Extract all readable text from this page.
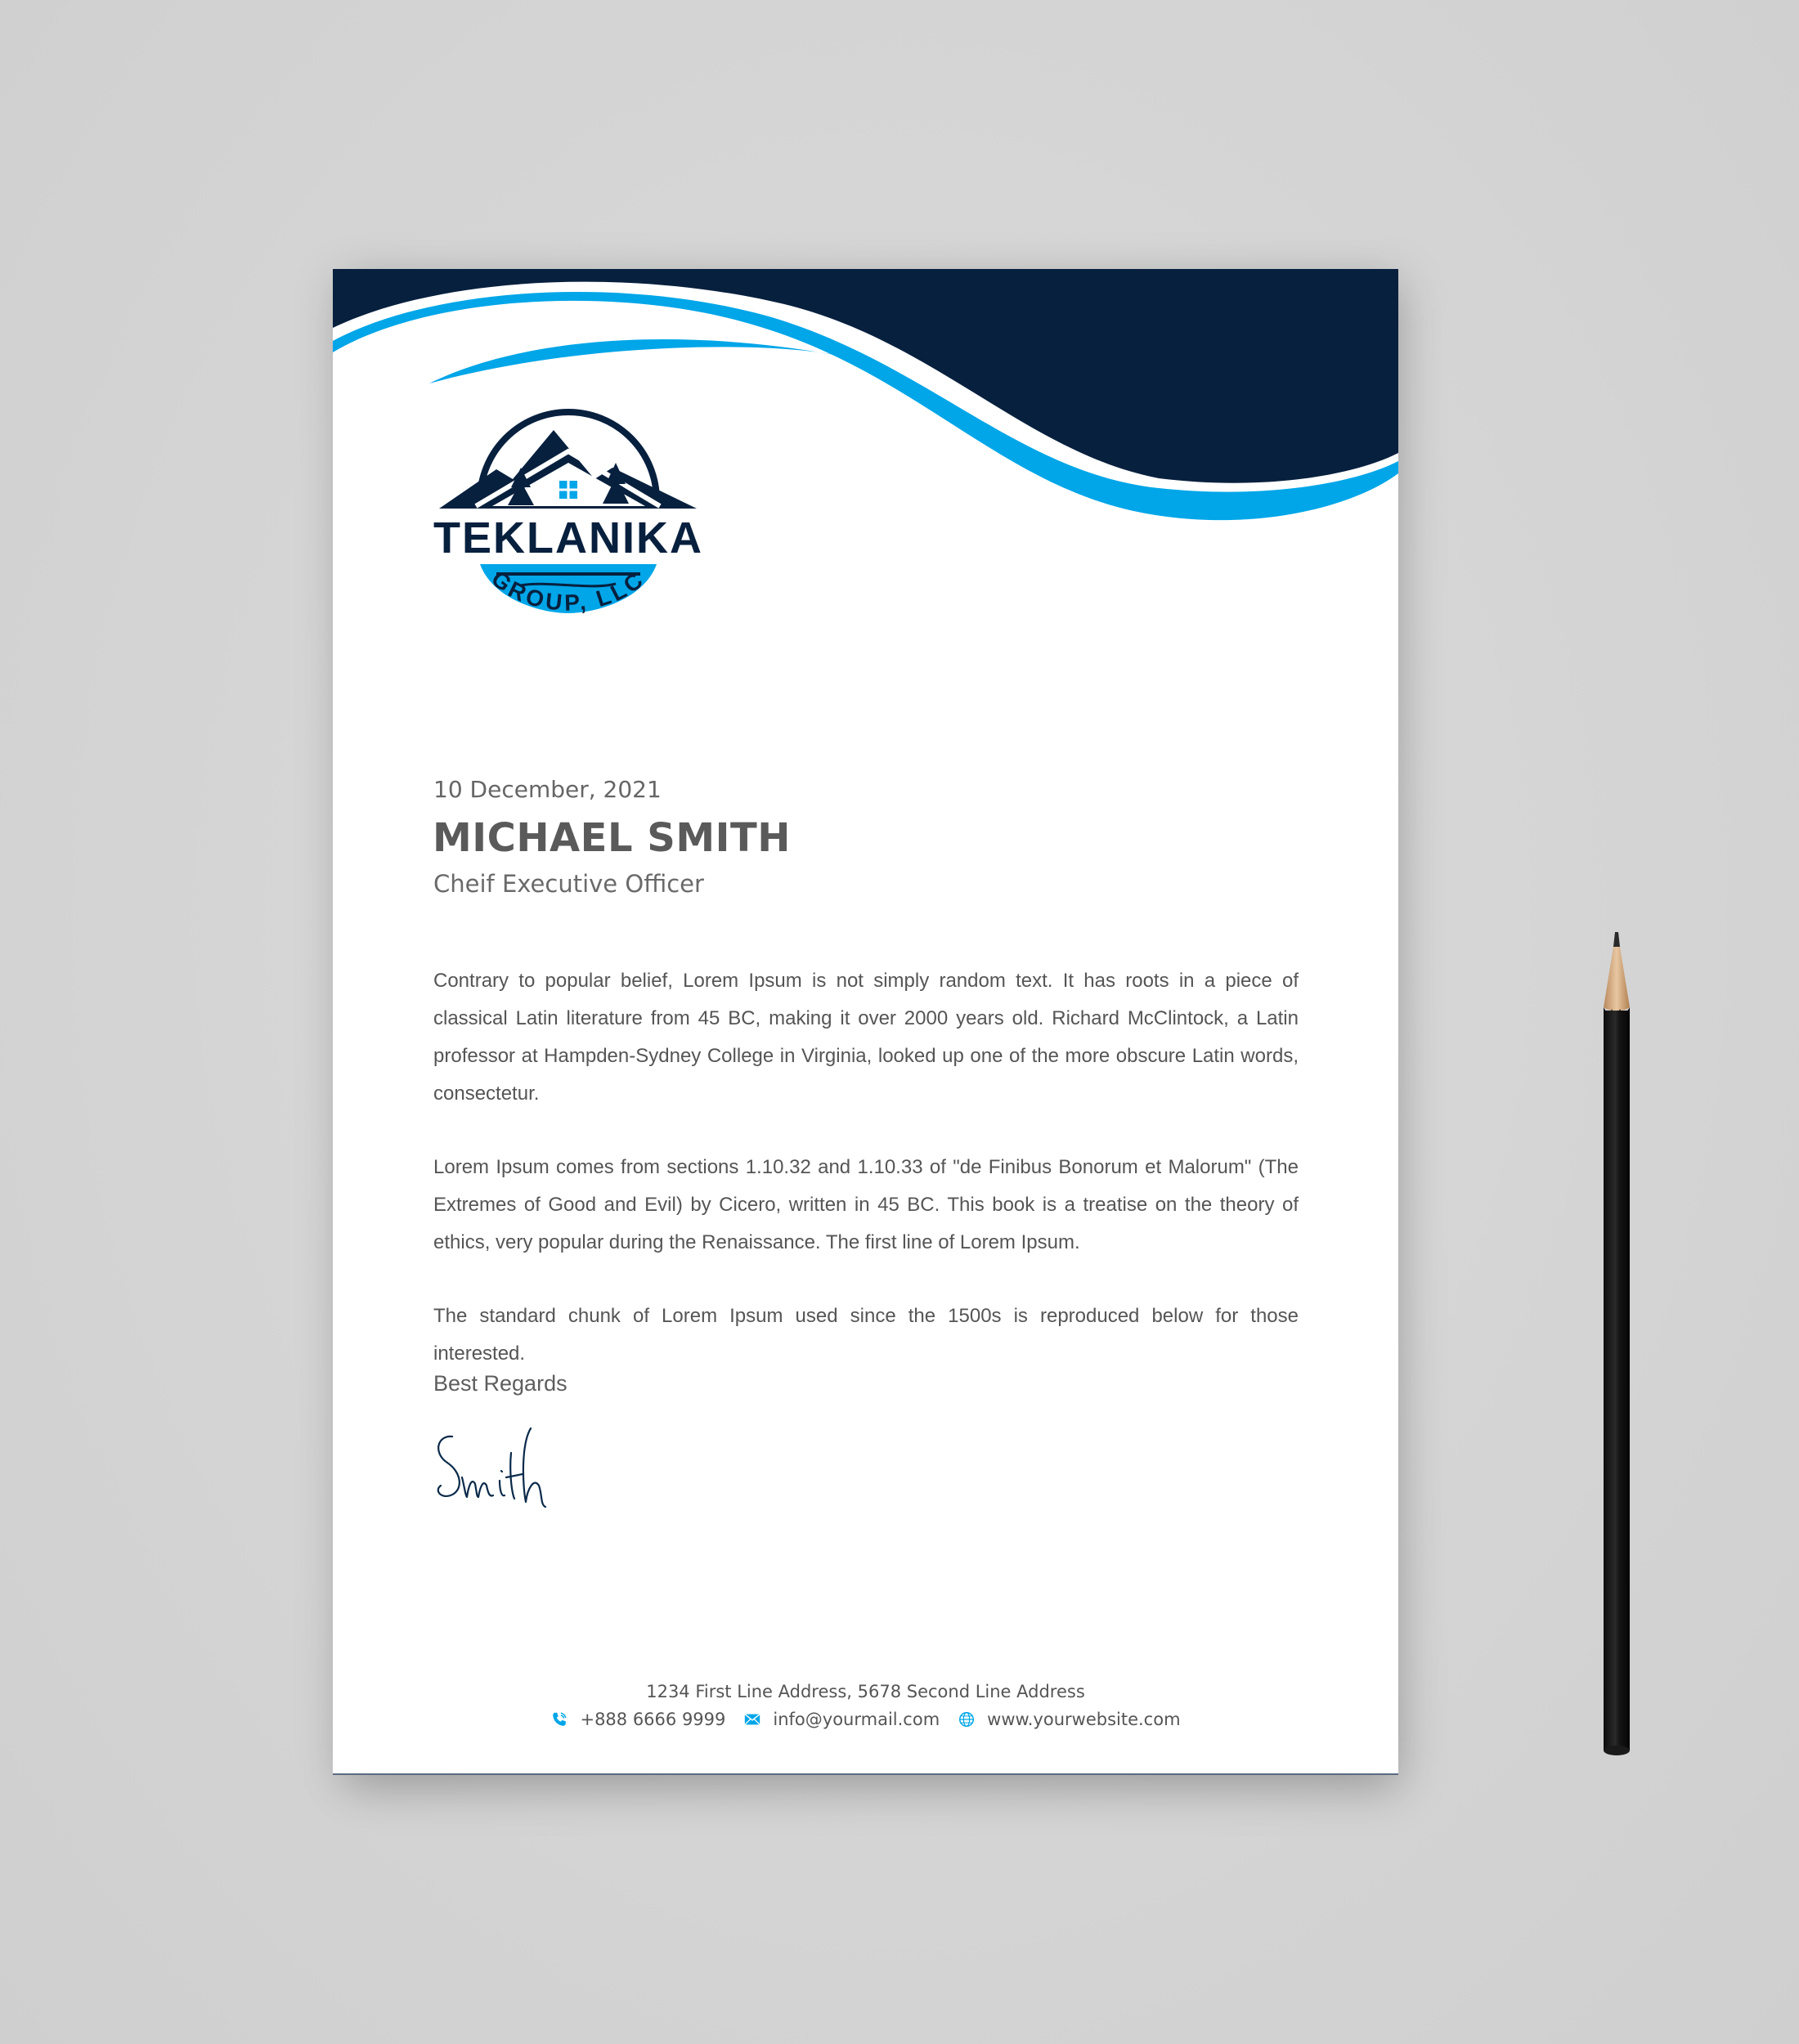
TEKLANIKA
GROUP, LLC
10 December, 2021
MICHAEL SMITH
Cheif Executive Officer

Contrary to popular belief, Lorem Ipsum is not simply random text. It has roots in a piece of classical Latin literature from 45 BC, making it over 2000 years old. Richard McClintock, a Latin professor at Hampden-Sydney College in Virginia, looked up one of the more obscure Latin words, consectetur.

Lorem Ipsum comes from sections 1.10.32 and 1.10.33 of "de Finibus Bonorum et Malorum" (The Extremes of Good and Evil) by Cicero, written in 45 BC. This book is a treatise on the theory of ethics, very popular during the Renaissance. The first line of Lorem Ipsum.

The standard chunk of Lorem Ipsum used since the 1500s is reproduced below for those interested.

Best Regards
1234 First Line Address, 5678 Second Line Address
+888 6666 9999	info@yourmail.com	www.yourwebsite.com
